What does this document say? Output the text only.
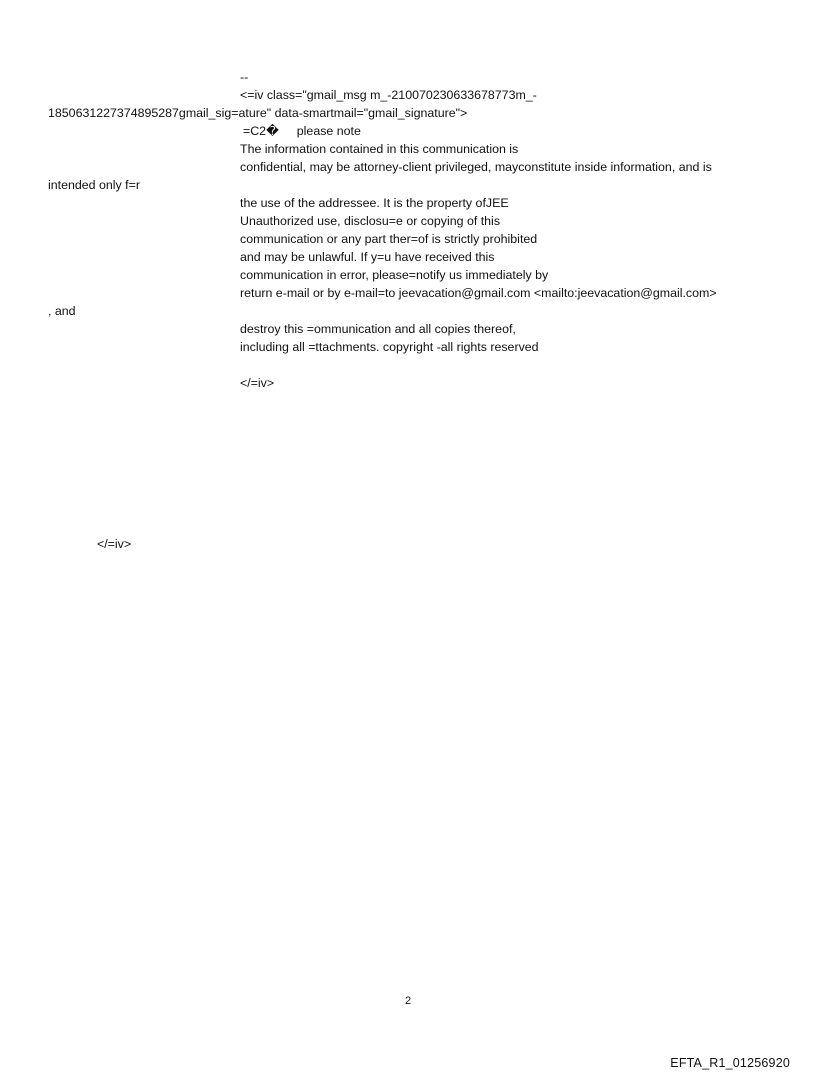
--

<=iv class="gmail_msg m_-210070230633678773m_-

1850631227374895287gmail_sig=ature" data-smartmail="gmail_signature">

=C2� please note

The information contained in this communication is

confidential, may be attorney-client privileged, mayconstitute inside information, and is

intended only f=r

the use of the addressee. It is the property ofJEE

Unauthorized use, disclosu=e or copying of this

communication or any part ther=of is strictly prohibited

and may be unlawful. If y=u have received this

communication in error, please=notify us immediately by

return e-mail or by e-mail=to jeevacation@gmail.com <mailto:jeevacation@gmail.com>

, and

destroy this =ommunication and all copies thereof,

including all =ttachments. copyright -all rights reserved

</=iv>

</=iv>

2
EFTA_R1_01256920
